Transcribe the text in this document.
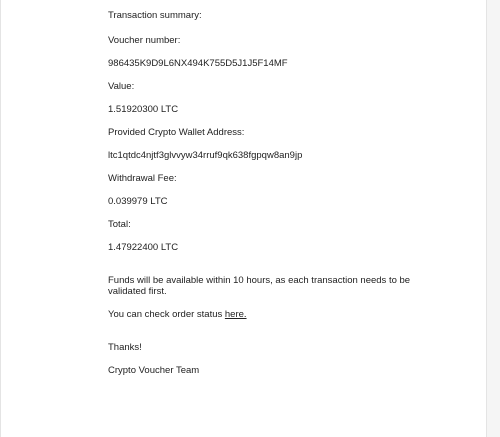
Transaction summary:

Voucher number:

986435K9D9L6NX494K755D5J1J5F14MF

Value:

1.51920300 LTC

Provided Crypto Wallet Address:

ltc1qtdc4njtf3glvvyw34rruf9qk638fgpqw8an9jp

Withdrawal Fee:

0.039979 LTC

Total:

1.47922400 LTC

Funds will be available within 10 hours, as each transaction needs to be validated first.

You can check order status here.

Thanks!

Crypto Voucher Team
